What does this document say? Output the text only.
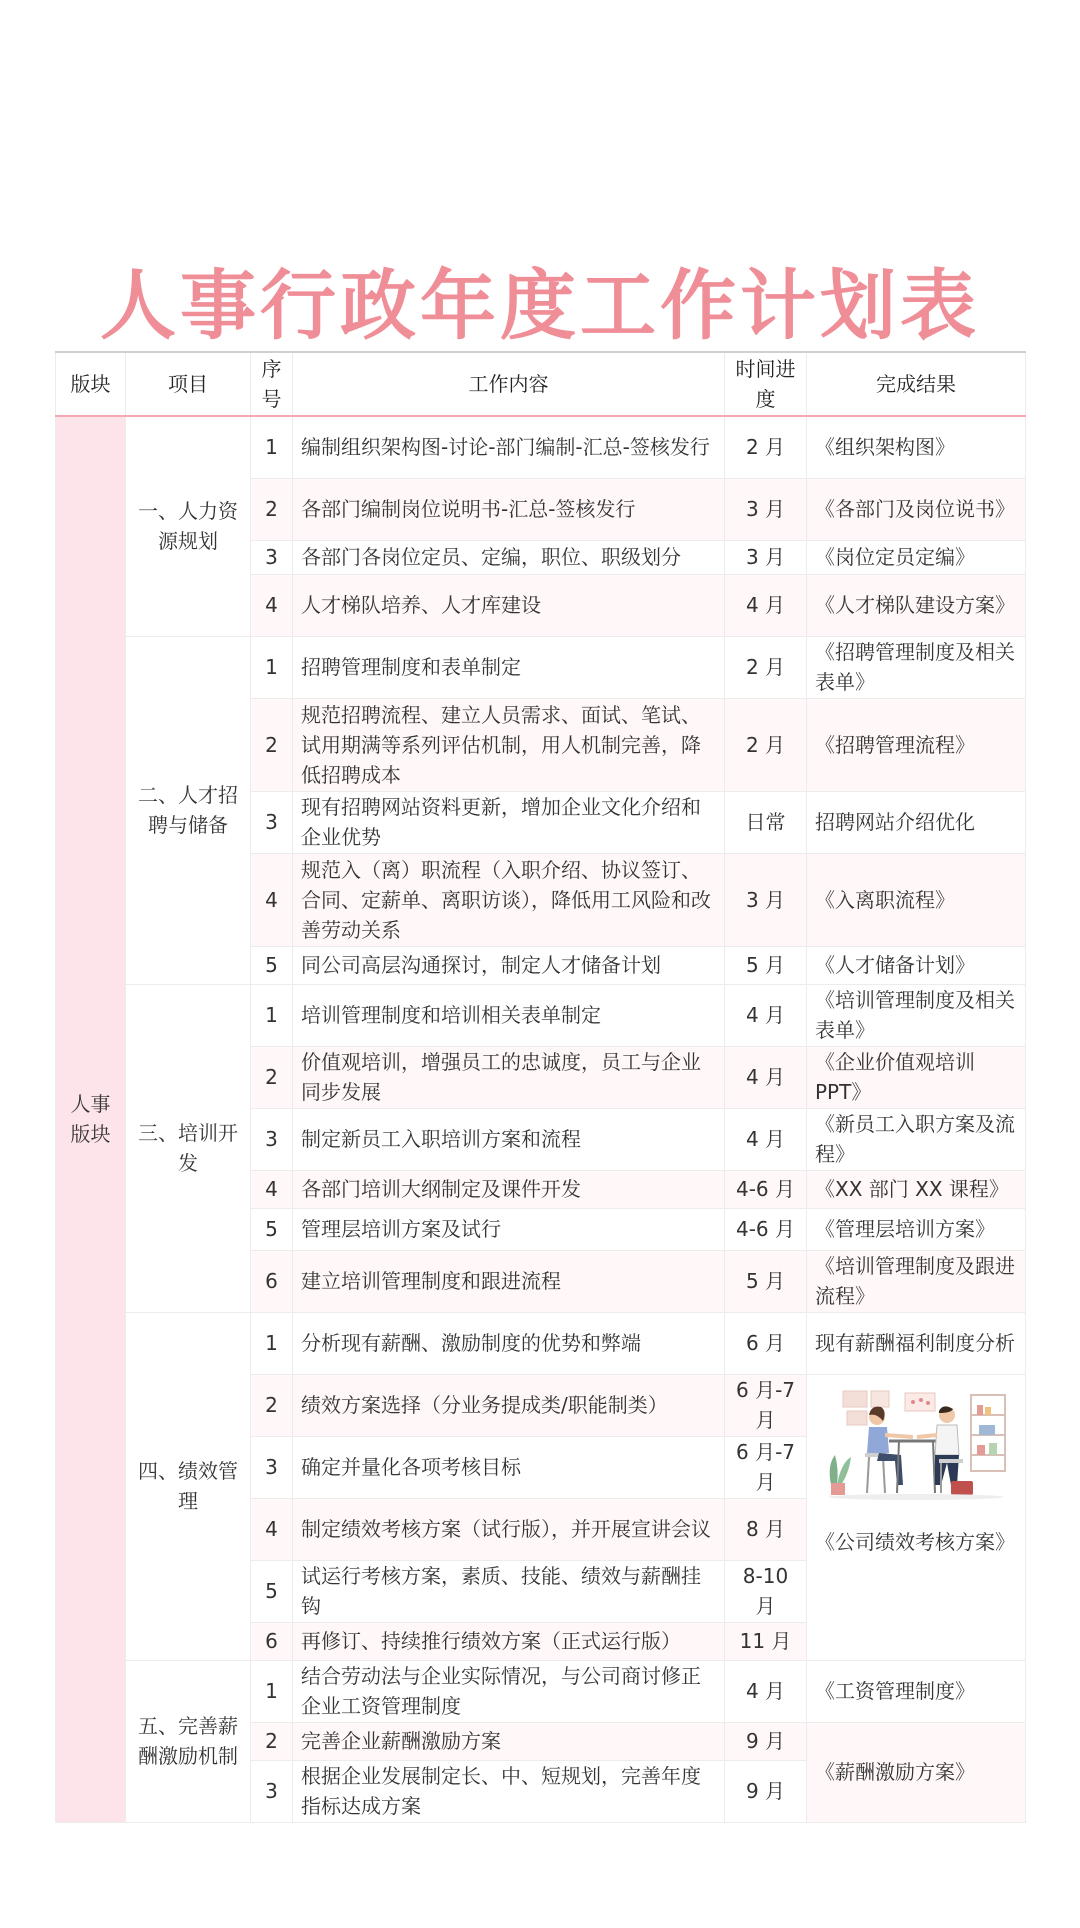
人事行政年度工作计划表
版块	项目	序号	工作内容	时间进度	完成结果
人事版块	一、人力资源规划	1	编制组织架构图-讨论-部门编制-汇总-签核发行	2 月	《组织架构图》
		2	各部门编制岗位说明书-汇总-签核发行	3 月	《各部门及岗位说书》
		3	各部门各岗位定员、定编，职位、职级划分	3 月	《岗位定员定编》
		4	人才梯队培养、人才库建设	4 月	《人才梯队建设方案》
	二、人才招聘与储备	1	招聘管理制度和表单制定	2 月	《招聘管理制度及相关表单》
		2	规范招聘流程、建立人员需求、面试、笔试、试用期满等系列评估机制，用人机制完善，降低招聘成本	2 月	《招聘管理流程》
		3	现有招聘网站资料更新，增加企业文化介绍和企业优势	日常	招聘网站介绍优化
		4	规范入（离）职流程（入职介绍、协议签订、合同、定薪单、离职访谈），降低用工风险和改善劳动关系	3 月	《入离职流程》
		5	同公司高层沟通探讨，制定人才储备计划	5 月	《人才储备计划》
	三、培训开发	1	培训管理制度和培训相关表单制定	4 月	《培训管理制度及相关表单》
		2	价值观培训，增强员工的忠诚度，员工与企业同步发展	4 月	《企业价值观培训PPT》
		3	制定新员工入职培训方案和流程	4 月	《新员工入职方案及流程》
		4	各部门培训大纲制定及课件开发	4-6 月	《XX 部门 XX 课程》
		5	管理层培训方案及试行	4-6 月	《管理层培训方案》
		6	建立培训管理制度和跟进流程	5 月	《培训管理制度及跟进流程》
	四、绩效管理	1	分析现有薪酬、激励制度的优势和弊端	6 月	现有薪酬福利制度分析
		2	绩效方案选择（分业务提成类/职能制类）	6 月-7 月	《公司绩效考核方案》

		3	确定并量化各项考核目标	6 月-7 月	
		4	制定绩效考核方案（试行版），并开展宣讲会议	8 月	
		5	试运行考核方案，素质、技能、绩效与薪酬挂钩	8-10 月	
		6	再修订、持续推行绩效方案（正式运行版）	11 月	
	五、完善薪酬激励机制	1	结合劳动法与企业实际情况，与公司商讨修正企业工资管理制度	4 月	《工资管理制度》
		2	完善企业薪酬激励方案	9 月	《薪酬激励方案》
		3	根据企业发展制定长、中、短规划，完善年度指标达成方案	9 月	
